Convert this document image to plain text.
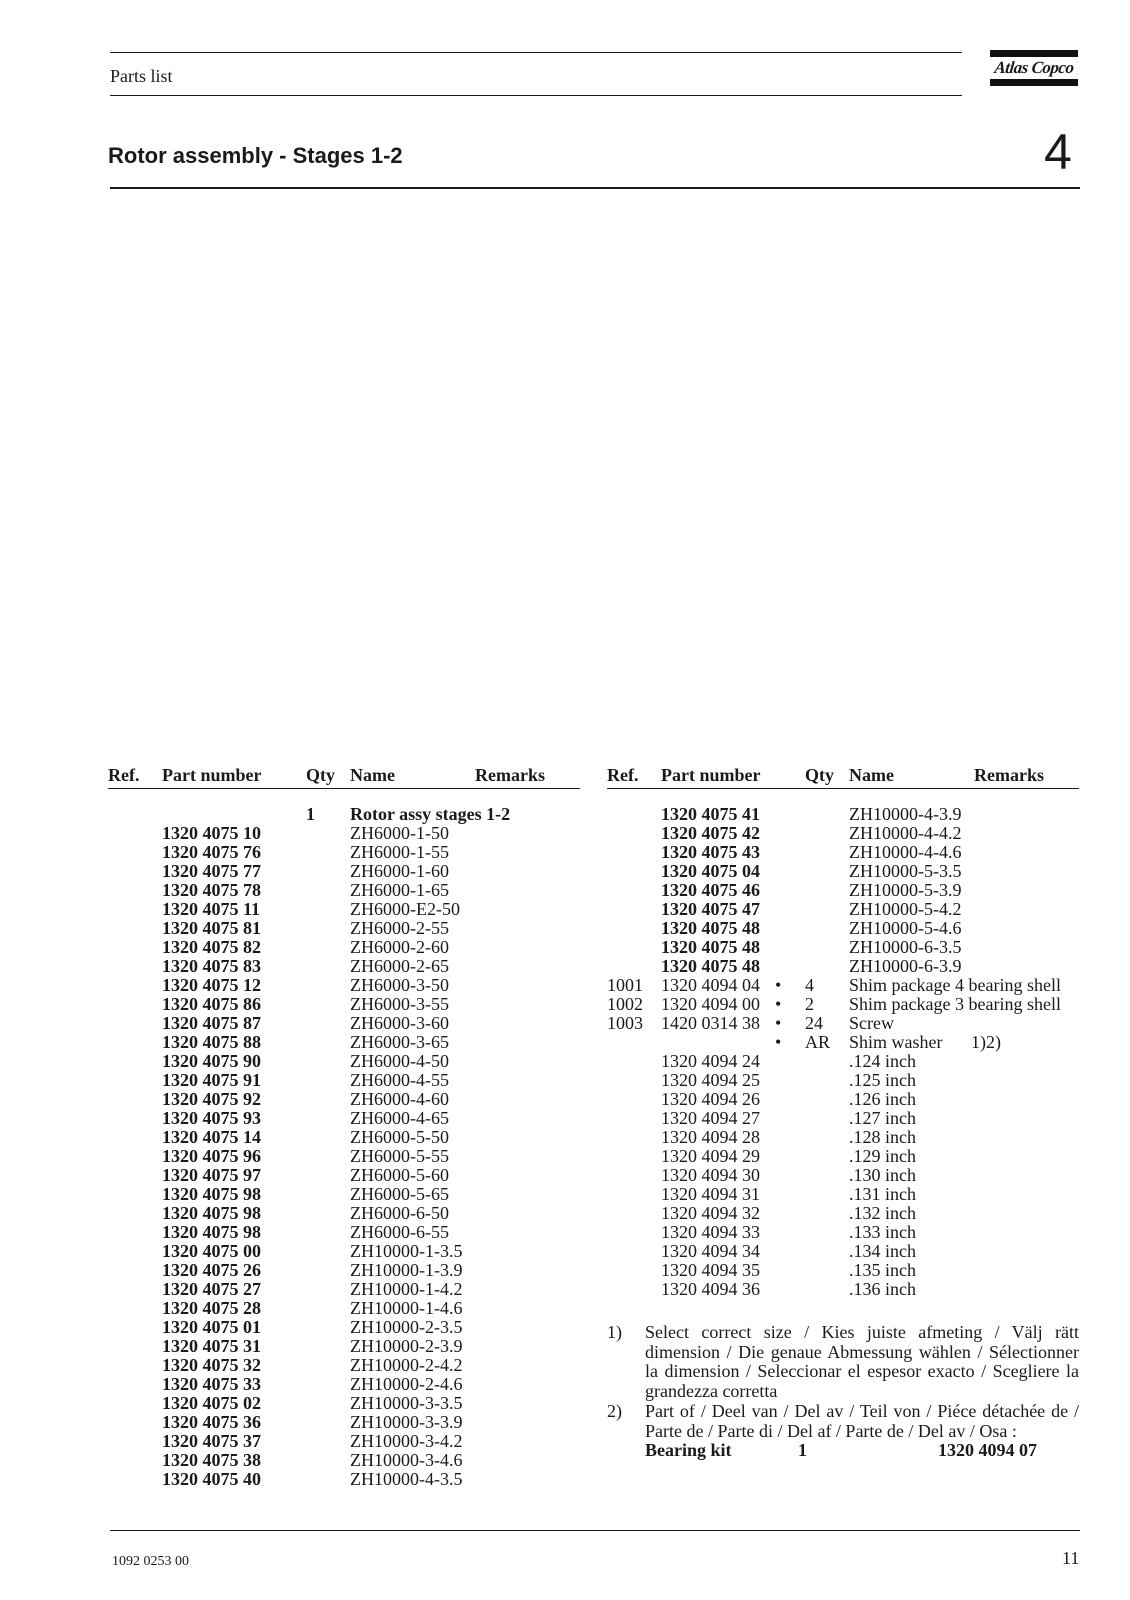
Parts list	Atlas Copco
Rotor assembly - Stages 1-2	4
Ref. Part number Qty Name	Remarks	Ref. Part number Qty Name	Remarks
1 Rotor assy stages 1-2
1320 4075 10	ZH6000-1-50
1320 4075 76	ZH6000-1-55
1320 4075 77	ZH6000-1-60
1320 4075 78	ZH6000-1-65
1320 4075 11	ZH6000-E2-50
1320 4075 81	ZH6000-2-55
1320 4075 82	ZH6000-2-60
1320 4075 83	ZH6000-2-65
1320 4075 12	ZH6000-3-50
1320 4075 86	ZH6000-3-55
1320 4075 87	ZH6000-3-60
1320 4075 88	ZH6000-3-65
1320 4075 90	ZH6000-4-50
1320 4075 91	ZH6000-4-55
1320 4075 92	ZH6000-4-60
1320 4075 93	ZH6000-4-65
1320 4075 14	ZH6000-5-50
1320 4075 96	ZH6000-5-55
1320 4075 97	ZH6000-5-60
1320 4075 98	ZH6000-5-65
1320 4075 98	ZH6000-6-50
1320 4075 98	ZH6000-6-55
1320 4075 00	ZH10000-1-3.5
1320 4075 26	ZH10000-1-3.9
1320 4075 27	ZH10000-1-4.2
1320 4075 28	ZH10000-1-4.6
1320 4075 01	ZH10000-2-3.5
1320 4075 31	ZH10000-2-3.9
1320 4075 32	ZH10000-2-4.2
1320 4075 33	ZH10000-2-4.6
1320 4075 02	ZH10000-3-3.5
1320 4075 36	ZH10000-3-3.9
1320 4075 37	ZH10000-3-4.2
1320 4075 38	ZH10000-3-4.6
1320 4075 40	ZH10000-4-3.5
1320 4075 41	ZH10000-4-3.9
1320 4075 42	ZH10000-4-4.2
1320 4075 43	ZH10000-4-4.6
1320 4075 04	ZH10000-5-3.5
1320 4075 46	ZH10000-5-3.9
1320 4075 47	ZH10000-5-4.2
1320 4075 48	ZH10000-5-4.6
1320 4075 48	ZH10000-6-3.5
1320 4075 48	ZH10000-6-3.9
1001 1320 4094 04 • 4 Shim package 4 bearing shell
1002 1320 4094 00 • 2 Shim package 3 bearing shell
1003 1420 0314 38 • 24 Screw
• AR Shim washer 1)2)
1320 4094 24	.124 inch
1320 4094 25	.125 inch
1320 4094 26	.126 inch
1320 4094 27	.127 inch
1320 4094 28	.128 inch
1320 4094 29	.129 inch
1320 4094 30	.130 inch
1320 4094 31	.131 inch
1320 4094 32	.132 inch
1320 4094 33	.133 inch
1320 4094 34	.134 inch
1320 4094 35	.135 inch
1320 4094 36	.136 inch
1) Select correct size / Kies juiste afmeting / Välj rätt dimension / Die genaue Abmessung wählen / Sélectionner la dimension / Seleccionar el espesor exacto / Scegliere la grandezza corretta
2) Part of / Deel van / Del av / Teil von / Piéce détachée de / Parte de / Parte di / Del af / Parte de / Del av / Osa :
Bearing kit	1	1320 4094 07
1092 0253 00	11
